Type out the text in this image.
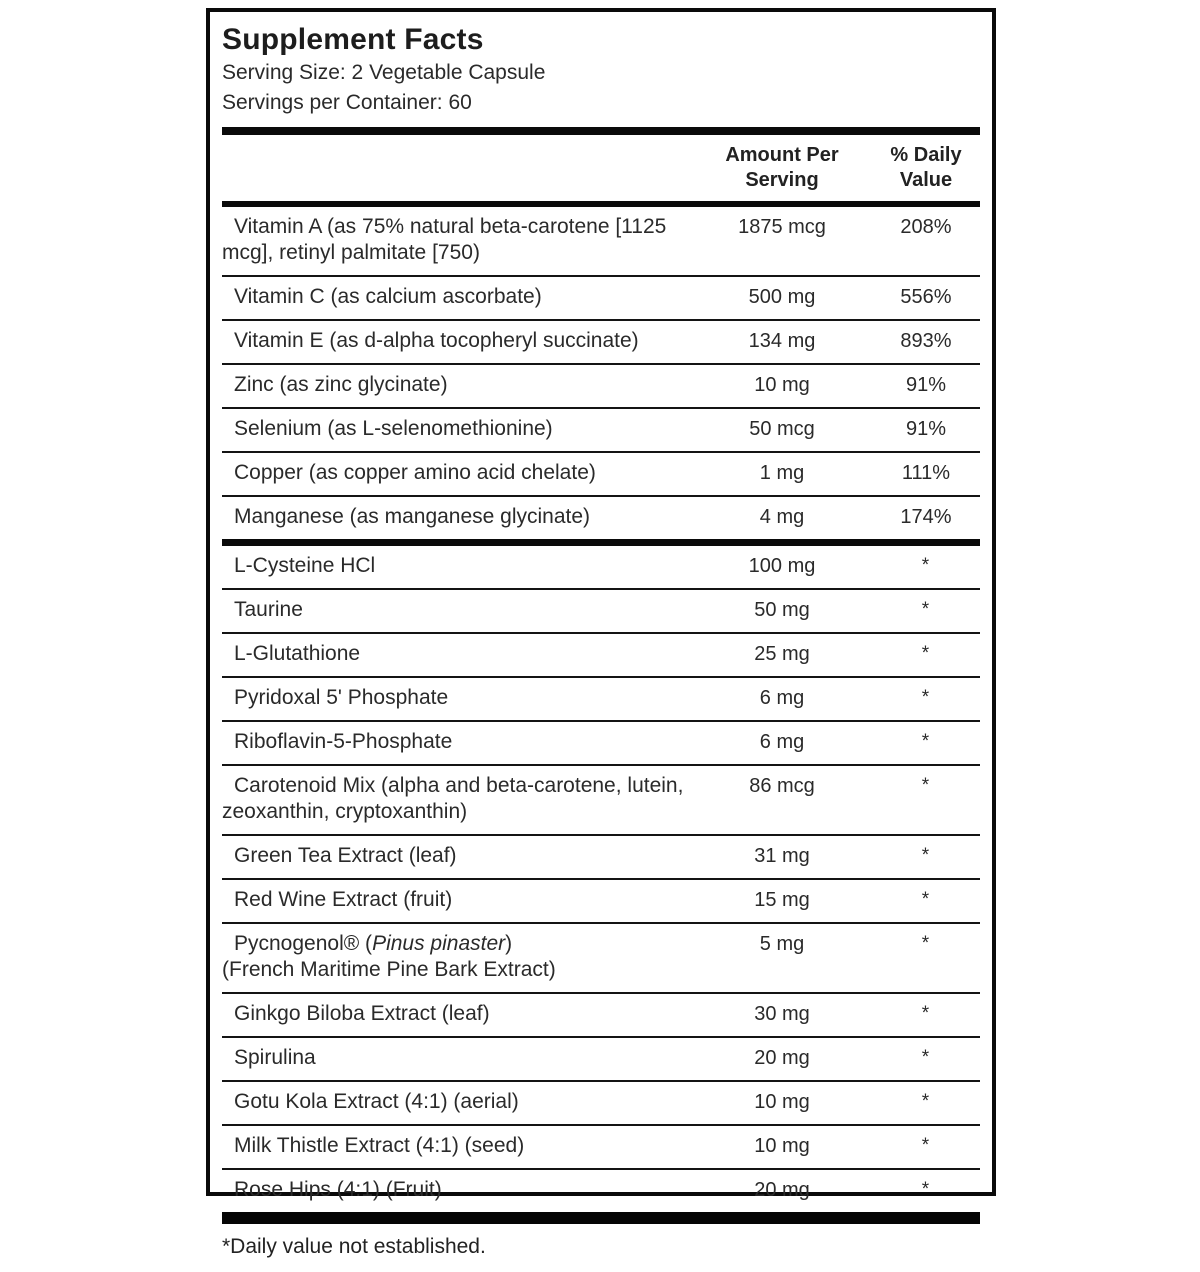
Supplement Facts
Serving Size: 2 Vegetable Capsule
Servings per Container: 60
Amount Per Serving
% Daily Value
Vitamin A (as 75% natural beta-carotene [1125 mcg], retinyl palmitate [750)
1875 mcg	208%
Vitamin C (as calcium ascorbate)	500 mg	556%
Vitamin E (as d-alpha tocopheryl succinate)	134 mg	893%
Zinc (as zinc glycinate)	10 mg	91%
Selenium (as L-selenomethionine)	50 mcg	91%
Copper (as copper amino acid chelate)	1 mg	111%
Manganese (as manganese glycinate)	4 mg	174%
L-Cysteine HCl	100 mg	*
Taurine	50 mg	*
L-Glutathione	25 mg	*
Pyridoxal 5' Phosphate	6 mg	*
Riboflavin-5-Phosphate	6 mg	*
Carotenoid Mix (alpha and beta-carotene, lutein, zeoxanthin, cryptoxanthin)
86 mcg	*
Green Tea Extract (leaf)	31 mg	*
Red Wine Extract (fruit)	15 mg	*
Pycnogenol® (Pinus pinaster)
(French Maritime Pine Bark Extract)
5 mg	*
Ginkgo Biloba Extract (leaf)	30 mg	*
Spirulina	20 mg	*
Gotu Kola Extract (4:1) (aerial)	10 mg	*
Milk Thistle Extract (4:1) (seed)	10 mg	*
Rose Hips (4:1) (Fruit)	20 mg	*
*Daily value not established.
